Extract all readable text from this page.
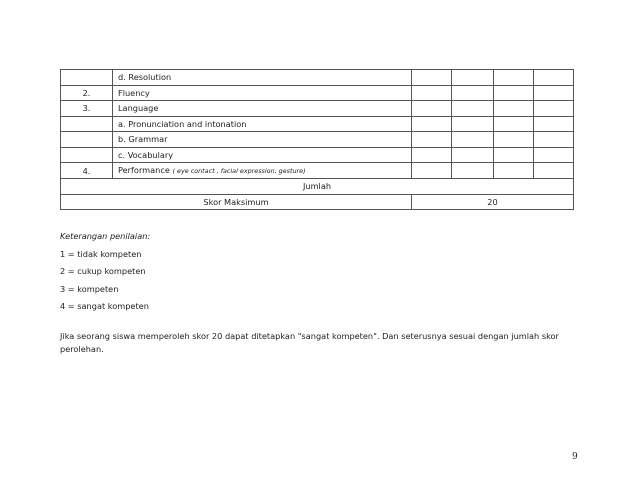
	d. Resolution				
2.	Fluency				
3.	Language				
	a. Pronunciation and intonation				
	b. Grammar				
	c. Vocabulary				
4.	Performance ( eye contact , facial expression, gesture)				
Jumlah					
Skor Maksimum		20			
Keterangan penilaian:
1 = tidak kompeten
2 = cukup kompeten
3 = kompeten
4 = sangat kompeten
Jika seorang siswa memperoleh skor 20 dapat ditetapkan "sangat kompeten". Dan seterusnya sesuai dengan jumlah skor perolehan.
9
